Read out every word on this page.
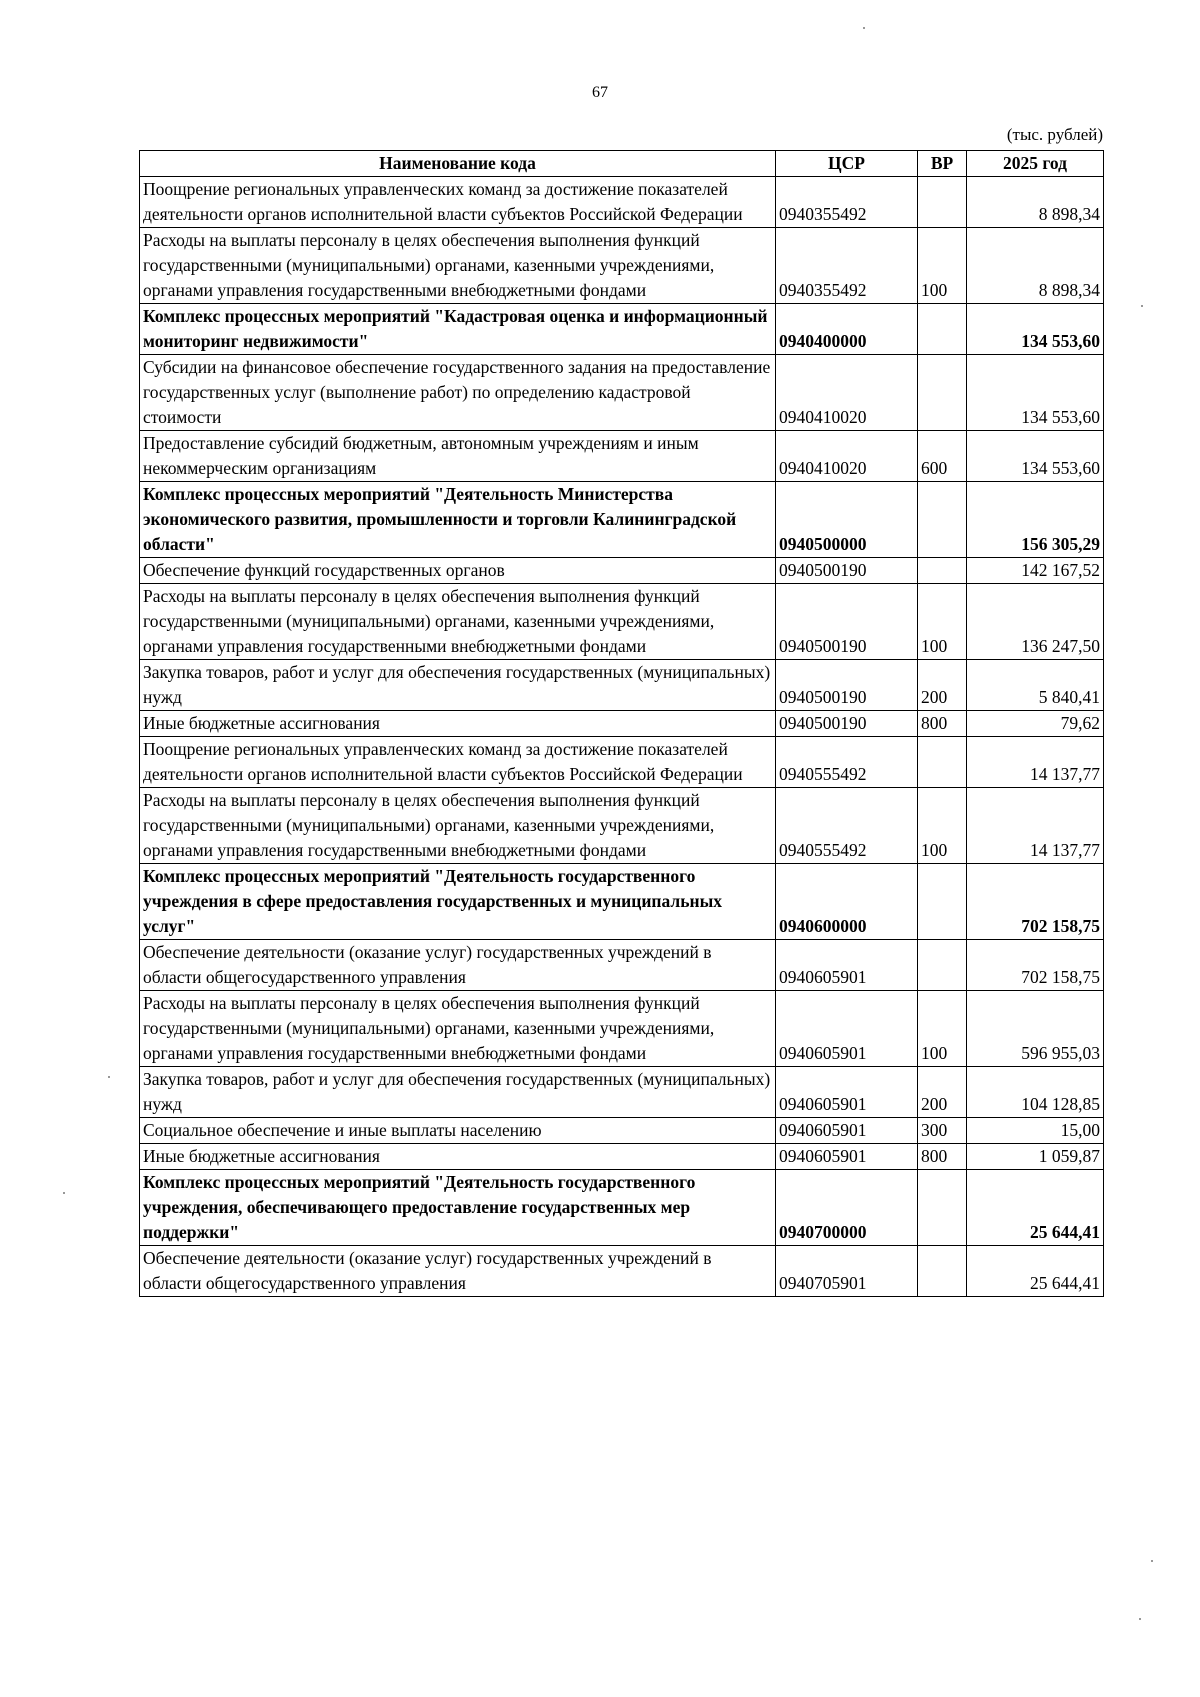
67
(тыс. рублей)
Наименование кода	ЦСР	ВР	2025 год
Поощрение региональных управленческих команд за достижение показателей деятельности органов исполнительной власти субъектов Российской Федерации	0940355492		8 898,34
Расходы на выплаты персоналу в целях обеспечения выполнения функций государственными (муниципальными) органами, казенными учреждениями, органами управления государственными внебюджетными фондами	0940355492	100	8 898,34
Комплекс процессных мероприятий "Кадастровая оценка и информационный мониторинг недвижимости"	0940400000		134 553,60
Субсидии на финансовое обеспечение государственного задания на предоставление государственных услуг (выполнение работ) по определению кадастровой стоимости	0940410020		134 553,60
Предоставление субсидий бюджетным, автономным учреждениям и иным некоммерческим организациям	0940410020	600	134 553,60
Комплекс процессных мероприятий "Деятельность Министерства экономического развития, промышленности и торговли Калининградской области"	0940500000		156 305,29
Обеспечение функций государственных органов	0940500190		142 167,52
Расходы на выплаты персоналу в целях обеспечения выполнения функций государственными (муниципальными) органами, казенными учреждениями, органами управления государственными внебюджетными фондами	0940500190	100	136 247,50
Закупка товаров, работ и услуг для обеспечения государственных (муниципальных) нужд	0940500190	200	5 840,41
Иные бюджетные ассигнования	0940500190	800	79,62
Поощрение региональных управленческих команд за достижение показателей деятельности органов исполнительной власти субъектов Российской Федерации	0940555492		14 137,77
Расходы на выплаты персоналу в целях обеспечения выполнения функций государственными (муниципальными) органами, казенными учреждениями, органами управления государственными внебюджетными фондами	0940555492	100	14 137,77
Комплекс процессных мероприятий "Деятельность государственного учреждения в сфере предоставления государственных и муниципальных услуг"	0940600000		702 158,75
Обеспечение деятельности (оказание услуг) государственных учреждений в области общегосударственного управления	0940605901		702 158,75
Расходы на выплаты персоналу в целях обеспечения выполнения функций государственными (муниципальными) органами, казенными учреждениями, органами управления государственными внебюджетными фондами	0940605901	100	596 955,03
Закупка товаров, работ и услуг для обеспечения государственных (муниципальных) нужд	0940605901	200	104 128,85
Социальное обеспечение и иные выплаты населению	0940605901	300	15,00
Иные бюджетные ассигнования	0940605901	800	1 059,87
Комплекс процессных мероприятий "Деятельность государственного учреждения, обеспечивающего предоставление государственных мер поддержки"	0940700000		25 644,41
Обеспечение деятельности (оказание услуг) государственных учреждений в области общегосударственного управления	0940705901		25 644,41
